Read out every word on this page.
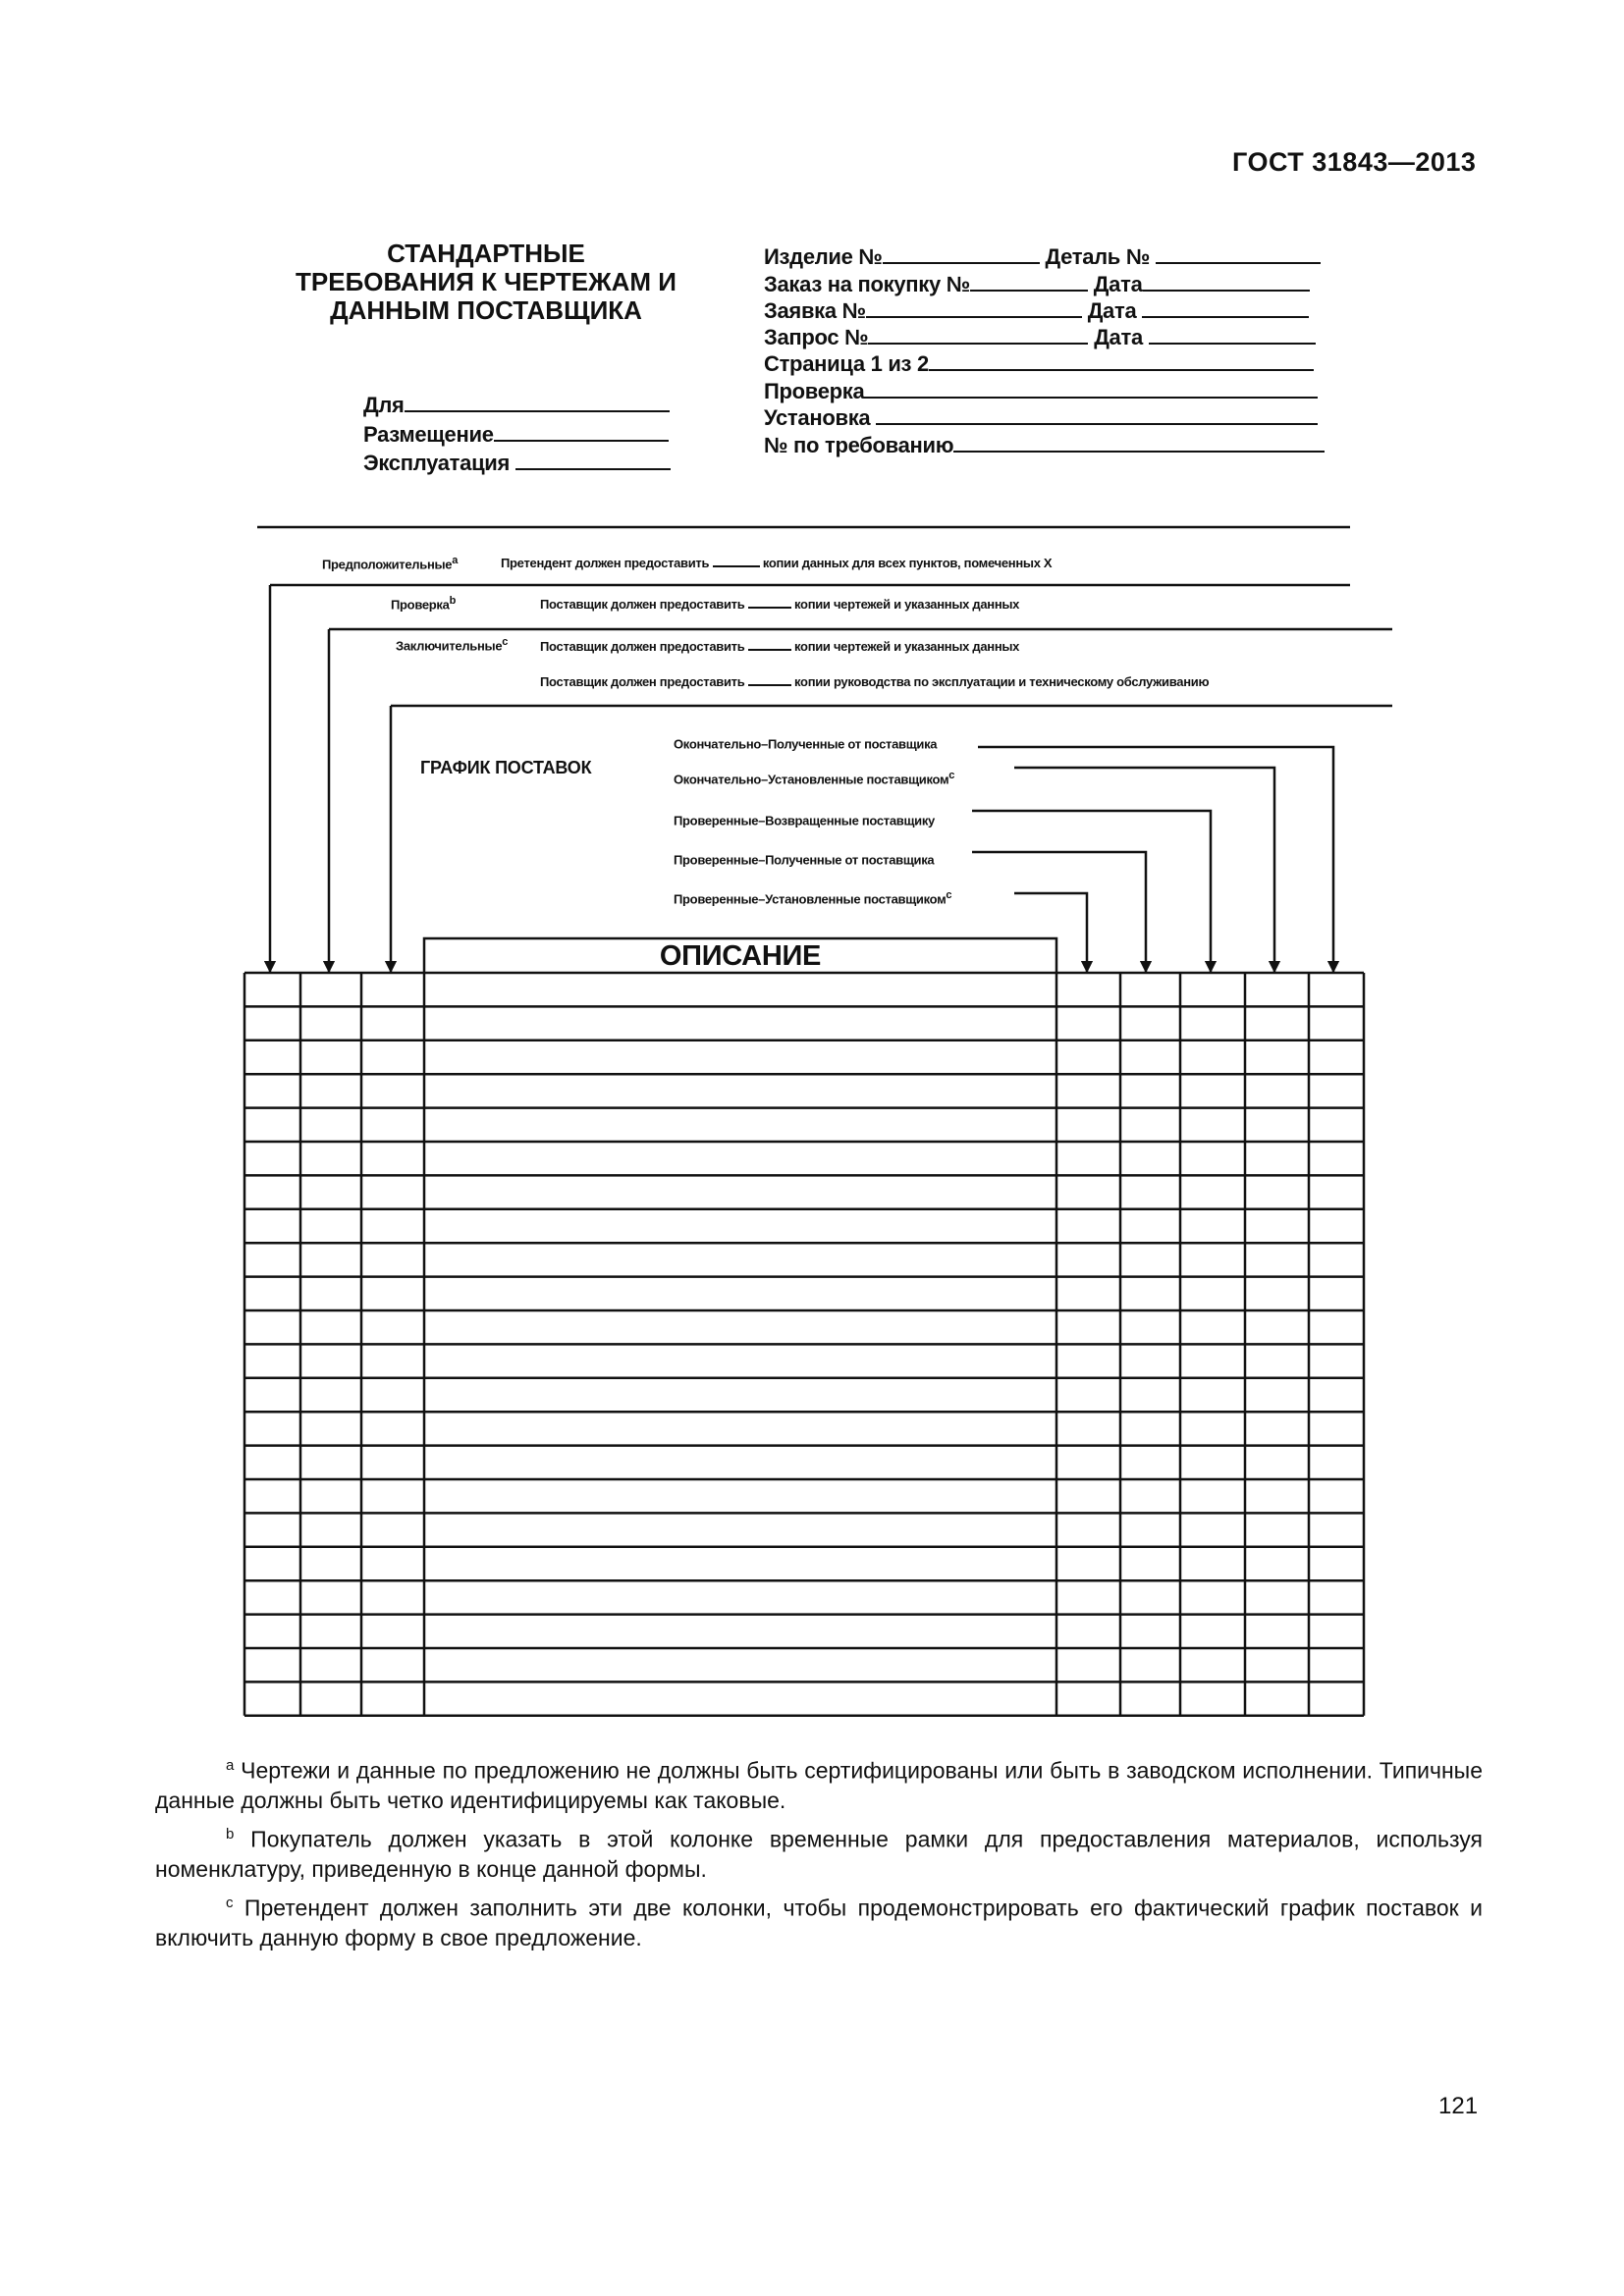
ГОСТ 31843—2013
СТАНДАРТНЫЕ ТРЕБОВАНИЯ К ЧЕРТЕЖАМ И ДАННЫМ ПОСТАВЩИКА
Для
Размещение
Эксплуатация
Изделие №	Деталь №
Заказ на покупку №	Дата
Заявка №	Дата
Запрос №	Дата
Страница 1 из 2
Проверка
Установка
№ по требованию
Предположительные$^a$	Претендент должен предоставить	копии данных для всех пунктов, помеченных X
Проверка$^b$	Поставщик должен предоставить	копии чертежей и указанных данных
Заключительные$^c$	Поставщик должен предоставить	копии чертежей и указанных данных
Поставщик должен предоставить	копии руководства по эксплуатации и техническому обслуживанию
ГРАФИК ПОСТАВОК
Окончательно–Полученные от поставщика
Окончательно–Установленные поставщиком$^c$
Проверенные–Возвращенные поставщику
Проверенные–Полученные от поставщика
Проверенные–Установленные поставщиком$^c$
ОПИСАНИЕ
$^a$ Чертежи и данные по предложению не должны быть сертифицированы или быть в заводском исполнении. Типичные данные должны быть четко идентифицируемы как таковые.
$^b$ Покупатель должен указать в этой колонке временные рамки для предоставления материалов, используя номенклатуру, приведенную в конце данной формы.
$^c$ Претендент должен заполнить эти две колонки, чтобы продемонстрировать его фактический график поставок и включить данную форму в свое предложение.
121
